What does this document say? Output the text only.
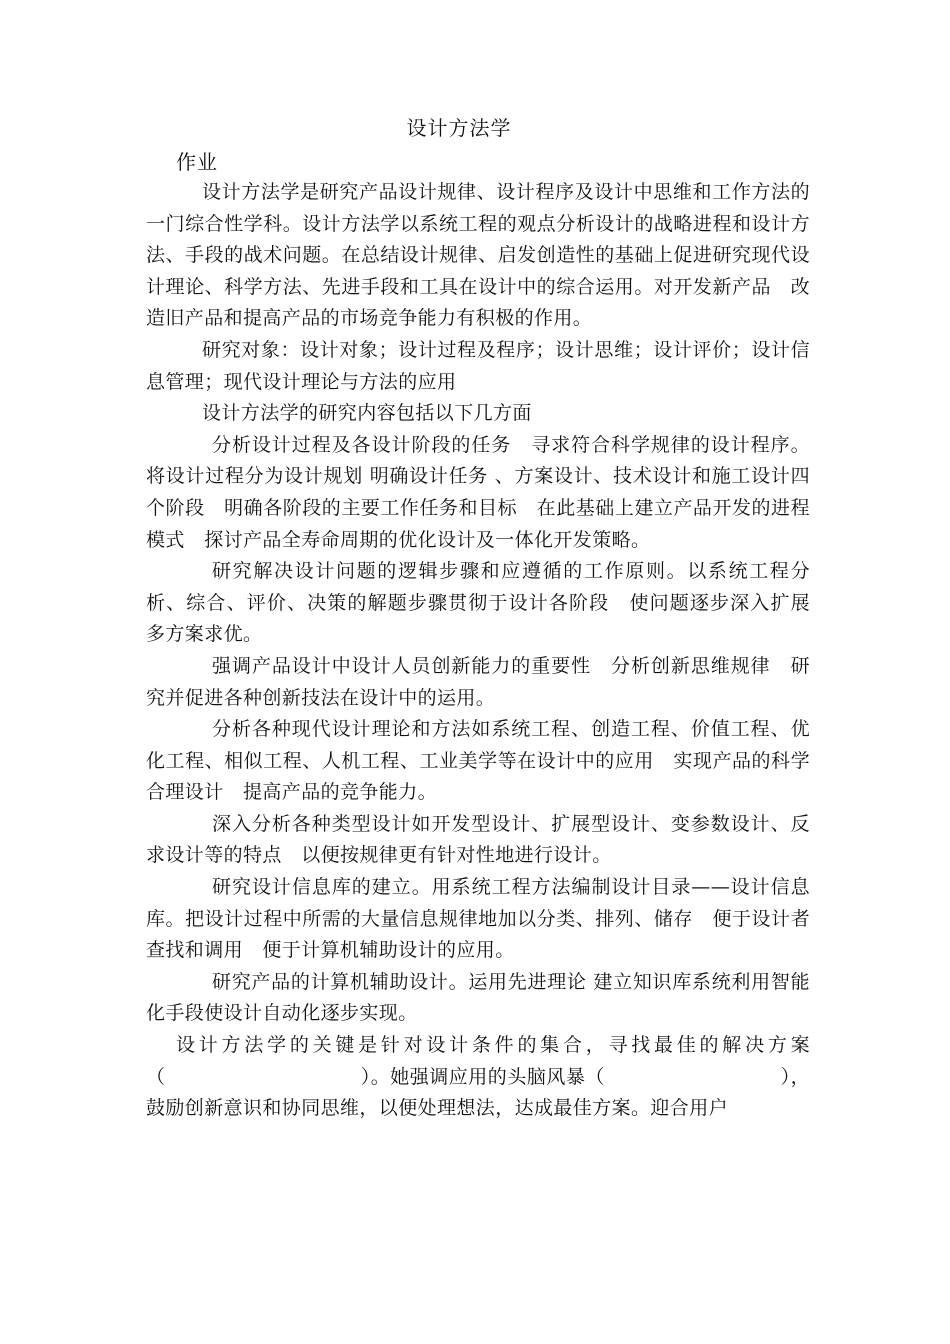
设计方法学
作业

设计方法学是研究产品设计规律、设计程序及设计中思维和工作方法的一门综合性学科。设计方法学以系统工程的观点分析设计的战略进程和设计方法、手段的战术问题。在总结设计规律、启发创造性的基础上促进研究现代设计理论、科学方法、先进手段和工具在设计中的综合运用。对开发新产品　改造旧产品和提高产品的市场竞争能力有积极的作用。

研究对象：设计对象；设计过程及程序；设计思维；设计评价；设计信息管理；现代设计理论与方法的应用

设计方法学的研究内容包括以下几方面

分析设计过程及各设计阶段的任务　寻求符合科学规律的设计程序。将设计过程分为设计规划 明确设计任务 、方案设计、技术设计和施工设计四个阶段　明确各阶段的主要工作任务和目标　在此基础上建立产品开发的进程模式　探讨产品全寿命周期的优化设计及一体化开发策略。

研究解决设计问题的逻辑步骤和应遵循的工作原则。以系统工程分析、综合、评价、决策的解题步骤贯彻于设计各阶段　使问题逐步深入扩展　多方案求优。

强调产品设计中设计人员创新能力的重要性　分析创新思维规律　研究并促进各种创新技法在设计中的运用。

分析各种现代设计理论和方法如系统工程、创造工程、价值工程、优化工程、相似工程、人机工程、工业美学等在设计中的应用　实现产品的科学合理设计　提高产品的竞争能力。

深入分析各种类型设计如开发型设计、扩展型设计、变参数设计、反求设计等的特点　以便按规律更有针对性地进行设计。

研究设计信息库的建立。用系统工程方法编制设计目录——设计信息库。把设计过程中所需的大量信息规律地加以分类、排列、储存　便于设计者查找和调用　便于计算机辅助设计的应用。

研究产品的计算机辅助设计。运用先进理论 建立知识库系统利用智能化手段使设计自动化逐步实现。

设计方法学的关键是针对设计条件的集合，寻找最佳的解决方案（　　　　　　　　　　）。她强调应用的头脑风暴（　　　　　　　　　），鼓励创新意识和协同思维，以便处理想法，达成最佳方案。迎合用户
